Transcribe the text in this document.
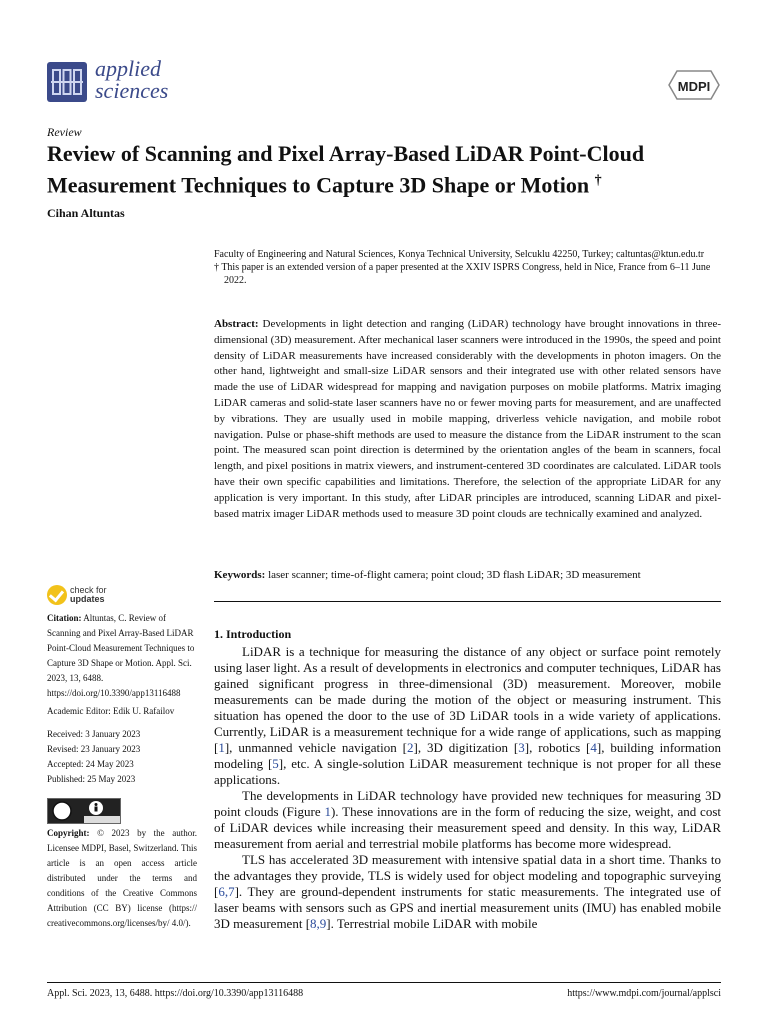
applied
sciences	MDPI
Review
Review of Scanning and Pixel Array-Based LiDAR Point-Cloud Measurement Techniques to Capture 3D Shape or Motion †
Cihan Altuntas
Faculty of Engineering and Natural Sciences, Konya Technical University, Selcuklu 42250, Turkey; caltuntas@ktun.edu.tr
† This paper is an extended version of a paper presented at the XXIV ISPRS Congress, held in Nice, France from 6–11 June 2022.
Abstract: Developments in light detection and ranging (LiDAR) technology have brought innovations in three-dimensional (3D) measurement. After mechanical laser scanners were introduced in the 1990s, the speed and point density of LiDAR measurements have increased considerably with the developments in photon imagers. On the other hand, lightweight and small-size LiDAR sensors and their integrated use with other related sensors have made the use of LiDAR widespread for mapping and navigation purposes on mobile platforms. Matrix imaging LiDAR cameras and solid-state laser scanners have no or fewer moving parts for measurement, and are unaffected by vibrations. They are usually used in mobile mapping, driverless vehicle navigation, and mobile robot navigation. Pulse or phase-shift methods are used to measure the distance from the LiDAR instrument to the scan point. The measured scan point direction is determined by the orientation angles of the beam in scanners, focal length, and pixel positions in matrix viewers, and instrument-centered 3D coordinates are calculated. LiDAR tools have their own specific capabilities and limitations. Therefore, the selection of the appropriate LiDAR for any application is very important. In this study, after LiDAR principles are introduced, scanning LiDAR and pixel-based matrix imager LiDAR methods used to measure 3D point clouds are technically examined and analyzed.
Keywords: laser scanner; time-of-flight camera; point cloud; 3D flash LiDAR; 3D measurement
check for
updates
Citation: Altuntas, C. Review of Scanning and Pixel Array-Based LiDAR Point-Cloud Measurement Techniques to Capture 3D Shape or Motion. Appl. Sci. 2023, 13, 6488. https://doi.org/10.3390/app13116488
Academic Editor: Edik U. Rafailov
Received: 3 January 2023
Revised: 23 January 2023
Accepted: 24 May 2023
Published: 25 May 2023
Copyright: © 2023 by the author. Licensee MDPI, Basel, Switzerland. This article is an open access article distributed under the terms and conditions of the Creative Commons Attribution (CC BY) license (https:// creativecommons.org/licenses/by/ 4.0/).
1. Introduction

LiDAR is a technique for measuring the distance of any object or surface point remotely using laser light. As a result of developments in electronics and computer techniques, LiDAR has gained significant progress in three-dimensional (3D) measurement. Moreover, mobile measurements can be made during the motion of the object or measuring instrument. This situation has opened the door to the use of 3D LiDAR tools in a wide variety of applications. Currently, LiDAR is a measurement technique for a wide range of applications, such as mapping [1], unmanned vehicle navigation [2], 3D digitization [3], robotics [4], building information modeling [5], etc. A single-solution LiDAR measurement technique is not proper for all these applications.

The developments in LiDAR technology have provided new techniques for measuring 3D point clouds (Figure 1). These innovations are in the form of reducing the size, weight, and cost of LiDAR devices while increasing their measurement speed and density. In this way, LiDAR measurement from aerial and terrestrial mobile platforms has become more widespread.

TLS has accelerated 3D measurement with intensive spatial data in a short time. Thanks to the advantages they provide, TLS is widely used for object modeling and topographic surveying [6,7]. They are ground-dependent instruments for static measurements. The integrated use of laser beams with sensors such as GPS and inertial measurement units (IMU) has enabled mobile 3D measurement [8,9]. Terrestrial mobile LiDAR with mobile

Appl. Sci. 2023, 13, 6488. https://doi.org/10.3390/app13116488	https://www.mdpi.com/journal/applsci
